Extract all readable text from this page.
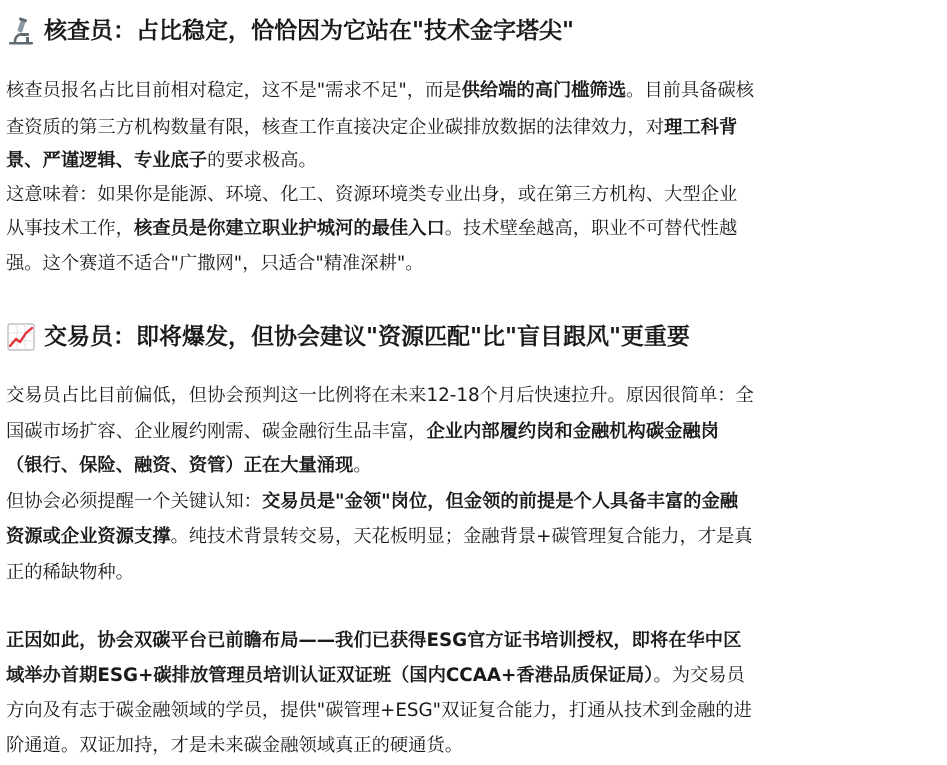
核查员：占比稳定，恰恰因为它站在"技术金字塔尖"
核查员报名占比目前相对稳定，这不是"需求不足"，而是供给端的高门槛筛选。目前具备碳核
查资质的第三方机构数量有限，核查工作直接决定企业碳排放数据的法律效力，对理工科背
景、严谨逻辑、专业底子的要求极高。
这意味着：如果你是能源、环境、化工、资源环境类专业出身，或在第三方机构、大型企业
从事技术工作，核查员是你建立职业护城河的最佳入口。技术壁垒越高，职业不可替代性越
强。这个赛道不适合"广撒网"，只适合"精准深耕"。
交易员：即将爆发，但协会建议"资源匹配"比"盲目跟风"更重要
交易员占比目前偏低，但协会预判这一比例将在未来12-18个月后快速拉升。原因很简单：全
国碳市场扩容、企业履约刚需、碳金融衍生品丰富，企业内部履约岗和金融机构碳金融岗
（银行、保险、融资、资管）正在大量涌现。
但协会必须提醒一个关键认知：交易员是"金领"岗位，但金领的前提是个人具备丰富的金融
资源或企业资源支撑。纯技术背景转交易，天花板明显；金融背景+碳管理复合能力，才是真
正的稀缺物种。
正因如此，协会双碳平台已前瞻布局——我们已获得ESG官方证书培训授权，即将在华中区
域举办首期ESG+碳排放管理员培训认证双证班（国内CCAA+香港品质保证局）。为交易员
方向及有志于碳金融领域的学员，提供"碳管理+ESG"双证复合能力，打通从技术到金融的进
阶通道。双证加持，才是未来碳金融领域真正的硬通货。
